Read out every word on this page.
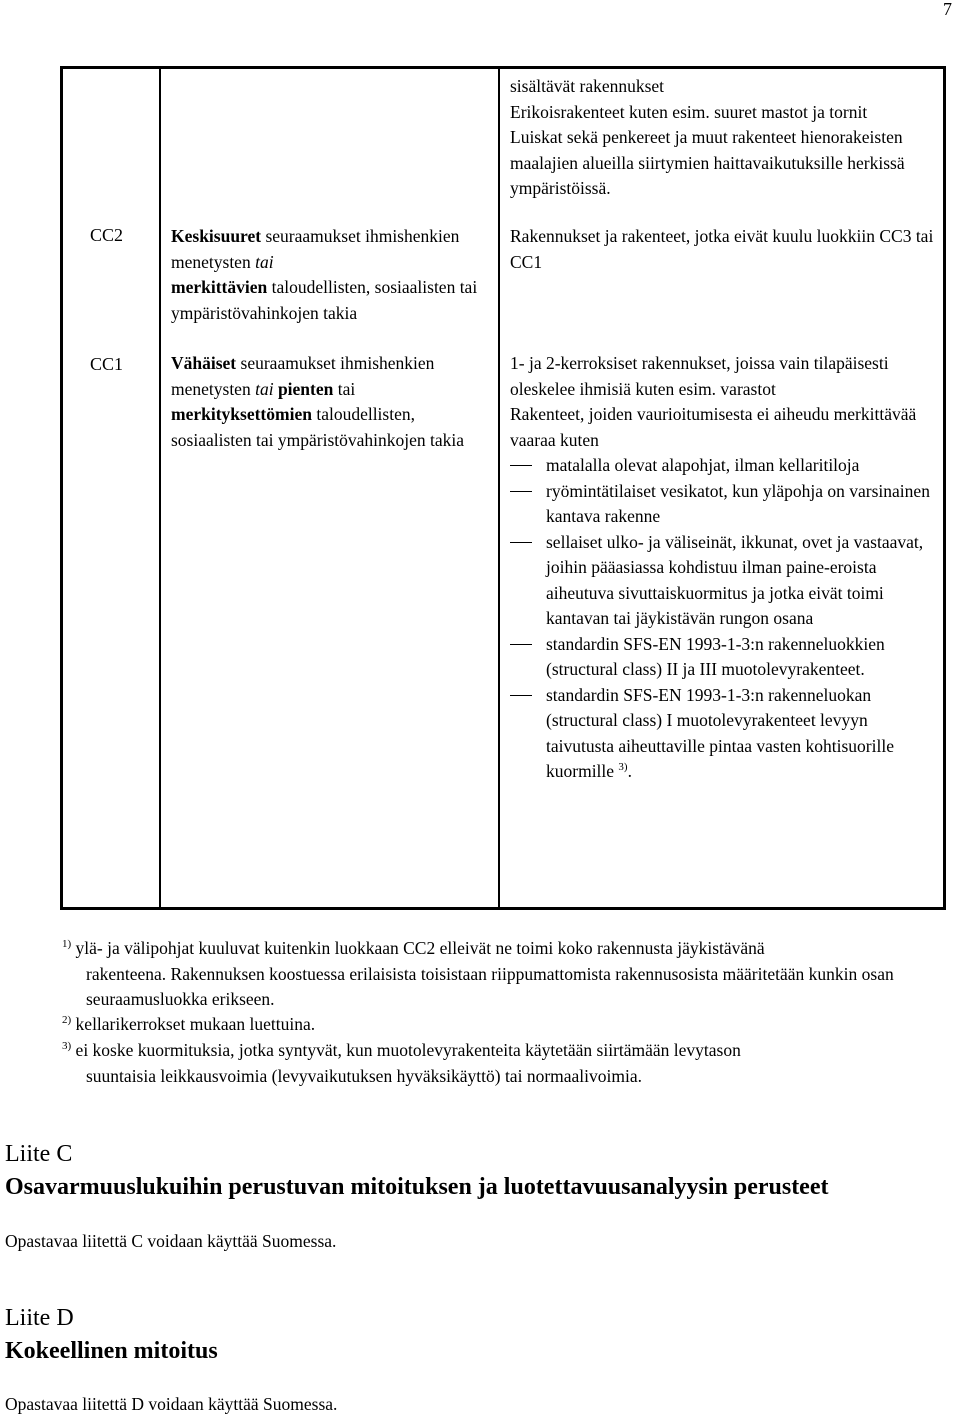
7

sisältävät rakennukset

Erikoisrakenteet kuten esim. suuret mastot ja tornit

Luiskat sekä penkereet ja muut rakenteet hienorakeisten maalajien alueilla siirtymien haittavaikutuksille herkissä ympäristöissä.

CC2	Keskisuuret seuraamukset ihmishenkien menetysten tai
merkittävien taloudellisten, sosiaalisten tai ympäristövahinkojen takia
Rakennukset ja rakenteet, jotka eivät kuulu luokkiin CC3 tai CC1
CC1	Vähäiset seuraamukset ihmishenkien menetysten tai pienten tai merkityksettömien taloudellisten, sosiaalisten tai ympäristövahinkojen takia

1- ja 2-kerroksiset rakennukset, joissa vain tilapäisesti oleskelee ihmisiä kuten esim. varastot

Rakenteet, joiden vaurioitumisesta ei aiheudu merkittävää vaaraa kuten

matalalla olevat alapohjat, ilman kellaritiloja
ryömintätilaiset vesikatot, kun yläpohja on varsinainen kantava rakenne
sellaiset ulko- ja väliseinät, ikkunat, ovet ja vastaavat, joihin pääasiassa kohdistuu ilman paine-eroista aiheutuva sivuttaiskuormitus ja jotka eivät toimi kantavan tai jäykistävän rungon osana
standardin SFS-EN 1993-1-3:n rakenneluokkien (structural class) II ja III muotolevyrakenteet.
standardin SFS-EN 1993-1-3:n rakenneluokan (structural class) I muotolevyrakenteet levyyn taivutusta aiheuttaville pintaa vasten kohtisuorille kuormille $^{3)}$.
$^{1)}$ ylä- ja välipohjat kuuluvat kuitenkin luokkaan CC2 elleivät ne toimi koko rakennusta jäykistävänä
rakenteena. Rakennuksen koostuessa erilaisista toisistaan riippumattomista rakennusosista määritetään kunkin osan seuraamusluokka erikseen.
$^{2)}$ kellarikerrokset mukaan luettuina.
$^{3)}$ ei koske kuormituksia, jotka syntyvät, kun muotolevyrakenteita käytetään siirtämään levytason
suuntaisia leikkausvoimia (levyvaikutuksen hyväksikäyttö) tai normaalivoimia.
Liite C
Osavarmuuslukuihin perustuvan mitoituksen ja luotettavuusanalyysin perusteet
Opastavaa liitettä C voidaan käyttää Suomessa.
Liite D
Kokeellinen mitoitus
Opastavaa liitettä D voidaan käyttää Suomessa.
